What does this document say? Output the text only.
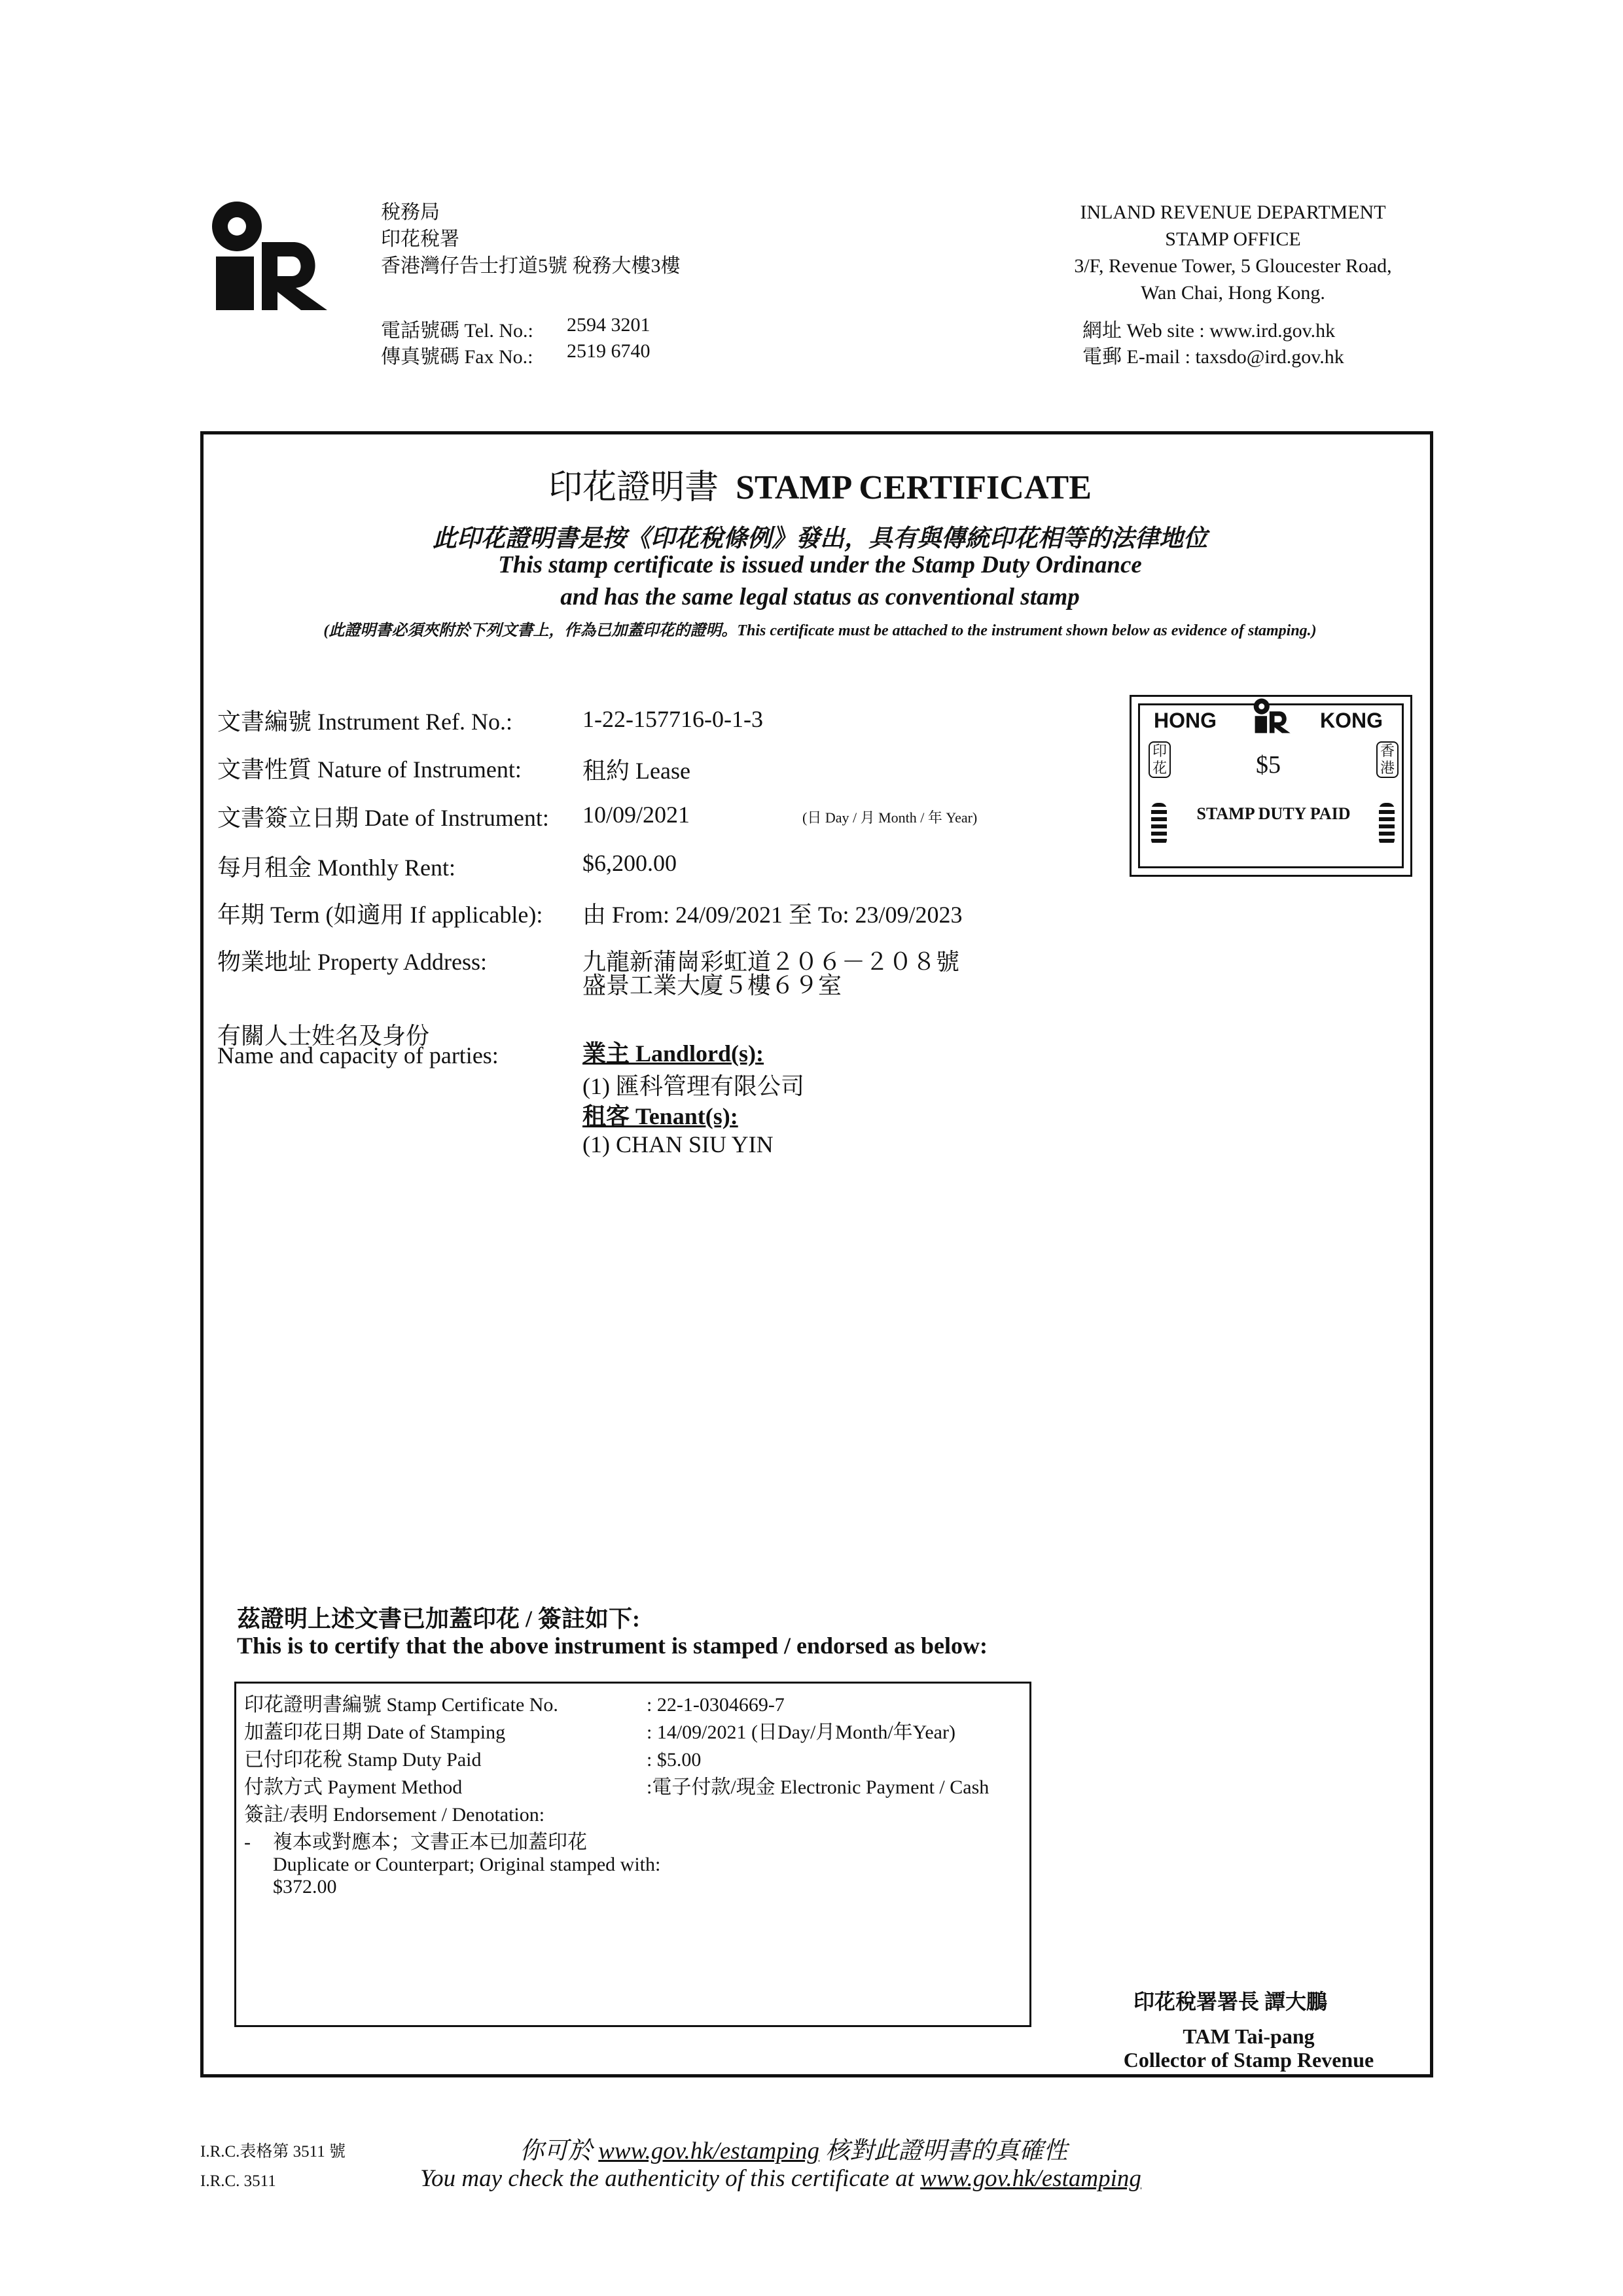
稅務局
印花稅署
香港灣仔告士打道5號 稅務大樓3樓
電話號碼 Tel. No.: 2594 3201
傳真號碼 Fax No.: 2519 6740
INLAND REVENUE DEPARTMENT
STAMP OFFICE
3/F, Revenue Tower, 5 Gloucester Road,
Wan Chai, Hong Kong.
網址 Web site : www.ird.gov.hk
電郵 E-mail : taxsdo@ird.gov.hk
印花證明書 STAMP CERTIFICATE
此印花證明書是按《印花稅條例》發出，具有與傳統印花相等的法律地位
This stamp certificate is issued under the Stamp Duty Ordinance
and has the same legal status as conventional stamp
(此證明書必須夾附於下列文書上，作為已加蓋印花的證明。This certificate must be attached to the instrument shown below as evidence of stamping.)
文書編號 Instrument Ref. No.:	1-22-157716-0-1-3
文書性質 Nature of Instrument:	租約 Lease
文書簽立日期 Date of Instrument: 10/09/2021	(日 Day / 月 Month / 年 Year)
每月租金 Monthly Rent:	$6,200.00
年期 Term (如適用 If applicable): 由 From: 24/09/2021 至 To: 23/09/2023
物業地址 Property Address:	九龍新蒲崗彩虹道２０６－２０８號
盛景工業大廈５樓６９室
有關人士姓名及身份
Name and capacity of parties:	業主 Landlord(s):
(1) 匯科管理有限公司
租客 Tenant(s):
(1) CHAN SIU YIN
HONG	KONG
$5
STAMP DUTY PAID
印花
香港
茲證明上述文書已加蓋印花 / 簽註如下:
This is to certify that the above instrument is stamped / endorsed as below:
印花證明書編號 Stamp Certificate No.	: 22-1-0304669-7
加蓋印花日期 Date of Stamping	: 14/09/2021 (日Day/月Month/年Year)
已付印花稅 Stamp Duty Paid	: $5.00
付款方式 Payment Method	:電子付款/現金 Electronic Payment / Cash
簽註/表明 Endorsement / Denotation:
- 複本或對應本；文書正本已加蓋印花
Duplicate or Counterpart; Original stamped with:
$372.00
印花稅署署長 譚大鵬
TAM Tai-pang
Collector of Stamp Revenue
I.R.C.表格第 3511 號
I.R.C. 3511
你可於 www.gov.hk/estamping 核對此證明書的真確性
You may check the authenticity of this certificate at www.gov.hk/estamping
